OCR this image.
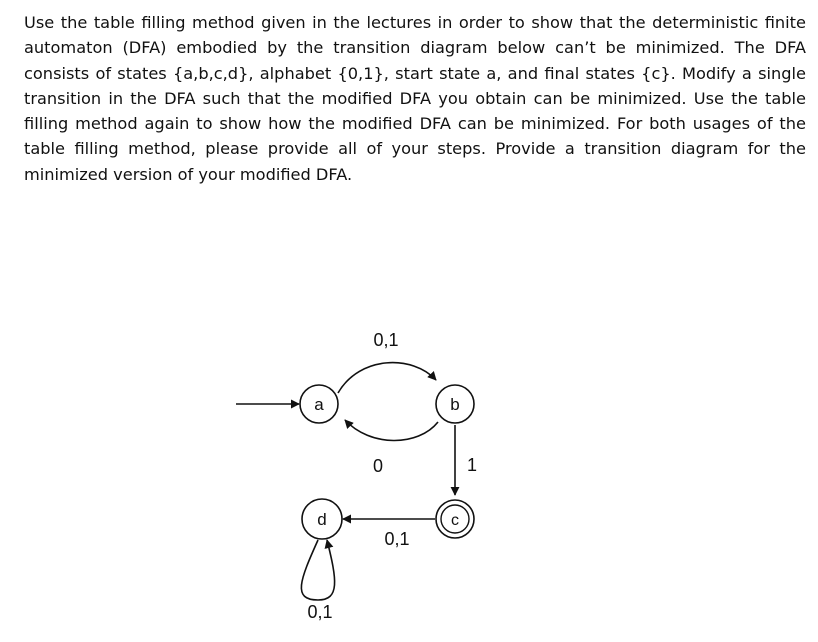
Use the table filling method given in the lectures in order to show that the deterministic finite automaton (DFA) embodied by the transition diagram below can’t be minimized. The DFA consists of states {a,b,c,d}, alphabet {0,1}, start state a, and final states {c}. Modify a single transition in the DFA such that the modified DFA you obtain can be minimized. Use the table filling method again to show how the modified DFA can be minimized. For both usages of the table filling method, please provide all of your steps. Provide a transition diagram for the minimized version of your modified DFA.

a	b
c
d
0,1
0	1
0,1
0,1
